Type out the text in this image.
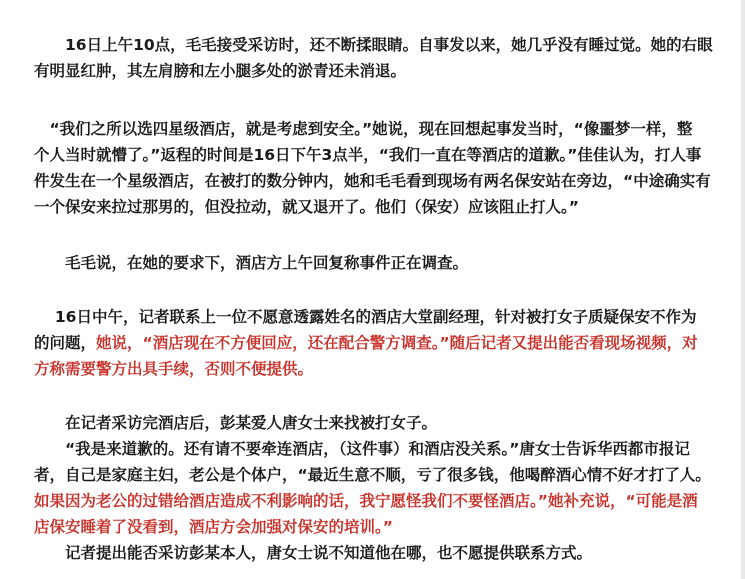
　　16日上午10点，毛毛接受采访时，还不断揉眼睛。自事发以来，她几乎没有睡过觉。她的右眼
有明显红肿，其左肩膀和左小腿多处的淤青还未消退。
　“我们之所以选四星级酒店，就是考虑到安全。”她说，现在回想起事发当时，“像噩梦一样，整
个人当时就懵了。”返程的时间是16日下午3点半，“我们一直在等酒店的道歉。”佳佳认为，打人事
件发生在一个星级酒店，在被打的数分钟内，她和毛毛看到现场有两名保安站在旁边，“中途确实有
一个保安来拉过那男的，但没拉动，就又退开了。他们（保安）应该阻止打人。”
　　毛毛说，在她的要求下，酒店方上午回复称事件正在调查。
　 16日中午，记者联系上一位不愿意透露姓名的酒店大堂副经理，针对被打女子质疑保安不作为
的问题，她说，“酒店现在不方便回应，还在配合警方调查。”随后记者又提出能否看现场视频，对
方称需要警方出具手续，否则不便提供。
　　在记者采访完酒店后，彭某爱人唐女士来找被打女子。
　　“我是来道歉的。还有请不要牵连酒店，（这件事）和酒店没关系。”唐女士告诉华西都市报记
者，自己是家庭主妇，老公是个体户，“最近生意不顺，亏了很多钱，他喝醉酒心情不好才打了人。
如果因为老公的过错给酒店造成不利影响的话，我宁愿怪我们不要怪酒店。”她补充说，“可能是酒
店保安睡着了没看到，酒店方会加强对保安的培训。”
　　记者提出能否采访彭某本人，唐女士说不知道他在哪，也不愿提供联系方式。
